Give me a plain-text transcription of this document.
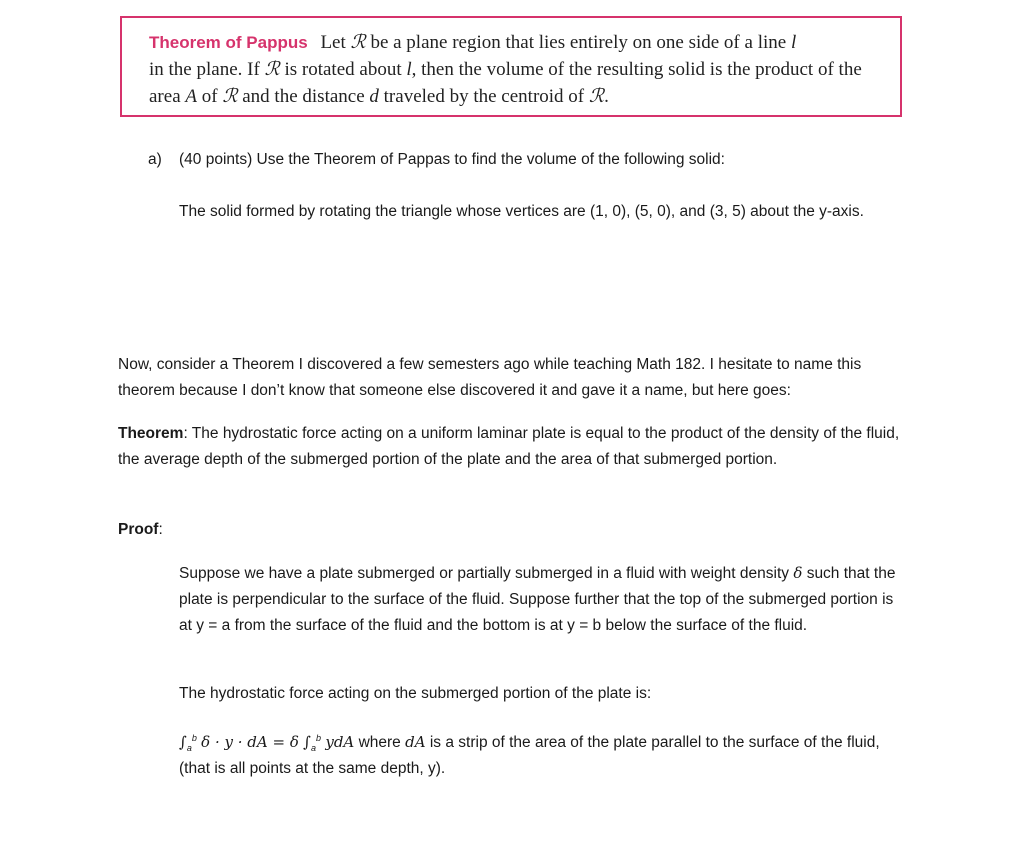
Theorem of Pappus Let ℛ be a plane region that lies entirely on one side of a line l
in the plane. If ℛ is rotated about l, then the volume of the resulting solid is the product of the area A of ℛ and the distance d traveled by the centroid of ℛ.
a) (40 points) Use the Theorem of Pappas to find the volume of the following solid:
The solid formed by rotating the triangle whose vertices are (1, 0), (5, 0), and (3, 5) about the y-axis.
Now, consider a Theorem I discovered a few semesters ago while teaching Math 182. I hesitate to name this theorem because I don’t know that someone else discovered it and gave it a name, but here goes:
Theorem: The hydrostatic force acting on a uniform laminar plate is equal to the product of the density of the fluid, the average depth of the submerged portion of the plate and the area of that submerged portion.
Proof:
Suppose we have a plate submerged or partially submerged in a fluid with weight density δ such that the plate is perpendicular to the surface of the fluid. Suppose further that the top of the submerged portion is at y = a from the surface of the fluid and the bottom is at y = b below the surface of the fluid.
The hydrostatic force acting on the submerged portion of the plate is:
$\int_a^b$ δ · y · dA = δ $\int_a^b$ ydA where dA is a strip of the area of the plate parallel to the surface of the fluid, (that is all points at the same depth, y).
